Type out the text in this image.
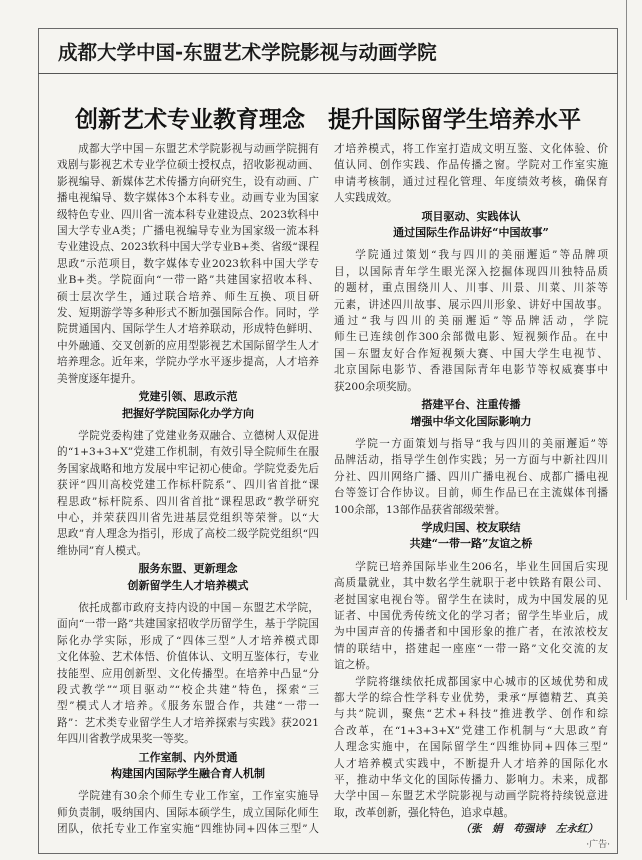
成都大学中国-东盟艺术学院影视与动画学院
创新艺术专业教育理念　提升国际留学生培养水平
成都大学中国－东盟艺术学院影视与动画学院拥有
戏剧与影视艺术专业学位硕士授权点，招收影视动画、
影视编导、新媒体艺术传播方向研究生，设有动画、广
播电视编导、数字媒体3个本科专业。动画专业为国家
级特色专业、四川省一流本科专业建设点、2023软科中
国大学专业A类；广播电视编导专业为国家级一流本科
专业建设点、2023软科中国大学专业B+类、省级“课程
思政”示范项目，数字媒体专业2023软科中国大学专
业B+类。学院面向“一带一路”共建国家招收本科、
硕士层次学生，通过联合培养、师生互换、项目研
发、短期游学等多种形式不断加强国际合作。同时，学
院贯通国内、国际学生人才培养联动，形成特色鲜明、
中外融通、交叉创新的应用型影视艺术国际留学生人才
培养理念。近年来，学院办学水平逐步提高，人才培养
美誉度逐年提升。
党建引领、思政示范
把握好学院国际化办学方向
学院党委构建了党建业务双融合、立德树人双促进
的“1+3+3+X”党建工作机制，有效引导全院师生在服
务国家战略和地方发展中牢记初心使命。学院党委先后
获评“四川高校党建工作标杆院系”、四川省首批“课
程思政”标杆院系、四川省首批“课程思政”教学研究
中心，并荣获四川省先进基层党组织等荣誉。以“大
思政”育人理念为指引，形成了高校二级学院党组织“四
维协同”育人模式。
服务东盟、更新理念
创新留学生人才培养模式
依托成都市政府支持内设的中国－东盟艺术学院，
面向“一带一路”共建国家招收学历留学生，基于学院国
际化办学实际，形成了“四体三型”人才培养模式即
文化体验、艺术体悟、价值体认、文明互鉴体行，专业
技能型、应用创新型、文化传播型。在培养中凸显“分
段式教学”“项目驱动”“校企共建”特色，探索“三
型”模式人才培养。《服务东盟合作，共建“一带一
路”：艺术类专业留学生人才培养探索与实践》获2021
年四川省教学成果奖一等奖。
工作室制、内外贯通
构建国内国际学生融合育人机制
学院建有30余个师生专业工作室，工作室实施导
师负责制，吸纳国内、国际本硕学生，成立国际化师生
团队，依托专业工作室实施“四维协同+四体三型”人
才培养模式，将工作室打造成文明互鉴、文化体验、价
值认同、创作实践、作品传播之窗。学院对工作室实施
申请考核制，通过过程化管理、年度绩效考核，确保育
人实践成效。
项目驱动、实践体认
通过国际生作品讲好“中国故事”
学院通过策划“我与四川的美丽邂逅”等品牌项
目，以国际青年学生眼光深入挖掘体现四川独特品质
的题材，重点围绕川人、川事、川景、川菜、川茶等
元素，讲述四川故事、展示四川形象、讲好中国故事。
通过“我与四川的美丽邂逅”等品牌活动，学院
师生已连续创作300余部微电影、短视频作品。在中
国－东盟友好合作短视频大赛、中国大学生电视节、
北京国际电影节、香港国际青年电影节等权威赛事中
获200余项奖励。
搭建平台、注重传播
增强中华文化国际影响力
学院一方面策划与指导“我与四川的美丽邂逅”等
品牌活动，指导学生创作实践；另一方面与中新社四川
分社、四川网络广播、四川广播电视台、成都广播电视
台等签订合作协议。目前，师生作品已在主流媒体刊播
100余部，13部作品获省部级荣誉。
学成归国、校友联结
共建“一带一路”友谊之桥
学院已培养国际毕业生206名，毕业生回国后实现
高质量就业，其中数名学生就职于老中铁路有限公司、
老挝国家电视台等。留学生在读时，成为中国发展的见
证者、中国优秀传统文化的学习者；留学生毕业后，成
为中国声音的传播者和中国形象的推广者，在浓浓校友
情的联结中，搭建起一座座“一带一路”文化交流的友
谊之桥。
学院将继续依托成都国家中心城市的区域优势和成
都大学的综合性学科专业优势，秉承“厚德精艺、真美
与共”院训，聚焦“艺术+科技”推进教学、创作和综
合改革，在“1+3+3+X”党建工作机制与“大思政”育
人理念实施中，在国际留学生“四维协同+四体三型”
人才培养模式实践中，不断提升人才培养的国际化水
平，推动中华文化的国际传播力、影响力。未来，成都
大学中国－东盟艺术学院影视与动画学院将持续锐意进
取，改革创新，强化特色，追求卓越。
（张　娟　苟强诗　左永红）
·广告·
